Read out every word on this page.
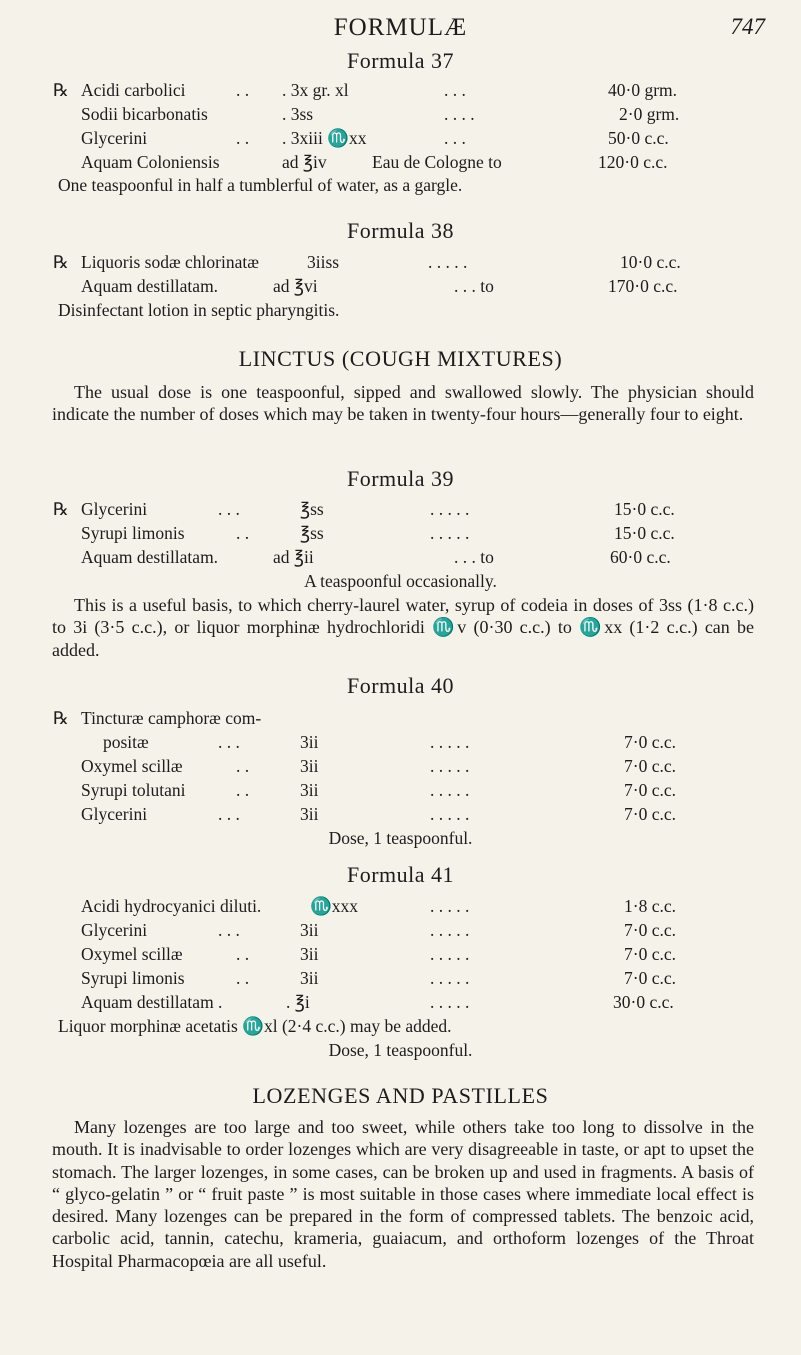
FORMULÆ	747
Formula 37
℞ Acidi carbolici	. . . 3x gr. xl	. . .	40·0 grm.
Sodii bicarbonatis	. 3ss	. . . .	2·0 grm.
Glycerini	. . . 3xiii ♏xx	. . .	50·0 c.c.
Aquam Coloniensis	ad ℥iv	Eau de Cologne to	120·0 c.c.
One teaspoonful in half a tumblerful of water, as a gargle.
Formula 38
℞ Liquoris sodæ chlorinatæ	3iiss	. . . . .	10·0 c.c.
Aquam destillatam.	ad ℥vi	. . . to	170·0 c.c.
Disinfectant lotion in septic pharyngitis.
LINCTUS (COUGH MIXTURES)

The usual dose is one teaspoonful, sipped and swallowed slowly. The physician should indicate the number of doses which may be taken in twenty-four hours—generally four to eight.

Formula 39
℞ Glycerini	. . .	℥ss	. . . . .	15·0 c.c.
Syrupi limonis	. .	℥ss	. . . . .	15·0 c.c.
Aquam destillatam.	ad ℥ii	. . . to	60·0 c.c.
A teaspoonful occasionally.

This is a useful basis, to which cherry-laurel water, syrup of codeia in doses of 3ss (1·8 c.c.) to 3i (3·5 c.c.), or liquor morphinæ hydrochloridi ♏v (0·30 c.c.) to ♏xx (1·2 c.c.) can be added.

Formula 40
℞ Tincturæ camphoræ com-
positæ	. . .	3ii	. . . . .	7·0 c.c.
Oxymel scillæ	. .	3ii	. . . . .	7·0 c.c.
Syrupi tolutani	. .	3ii	. . . . .	7·0 c.c.
Glycerini	. . .	3ii	. . . . .	7·0 c.c.
Dose, 1 teaspoonful.
Formula 41
Acidi hydrocyanici diluti.	♏xxx	. . . . .	1·8 c.c.
Glycerini	. . .	3ii	. . . . .	7·0 c.c.
Oxymel scillæ	. .	3ii	. . . . .	7·0 c.c.
Syrupi limonis	. .	3ii	. . . . .	7·0 c.c.
Aquam destillatam .	. ℥i	. . . . .	30·0 c.c.
Liquor morphinæ acetatis ♏xl (2·4 c.c.) may be added.
Dose, 1 teaspoonful.
LOZENGES AND PASTILLES

Many lozenges are too large and too sweet, while others take too long to dissolve in the mouth. It is inadvisable to order lozenges which are very disagreeable in taste, or apt to upset the stomach. The larger lozenges, in some cases, can be broken up and used in fragments. A basis of “ glyco-gelatin ” or “ fruit paste ” is most suitable in those cases where immediate local effect is desired. Many lozenges can be prepared in the form of compressed tablets. The benzoic acid, carbolic acid, tannin, catechu, krameria, guaiacum, and orthoform lozenges of the Throat Hospital Pharmacopœia are all useful.
